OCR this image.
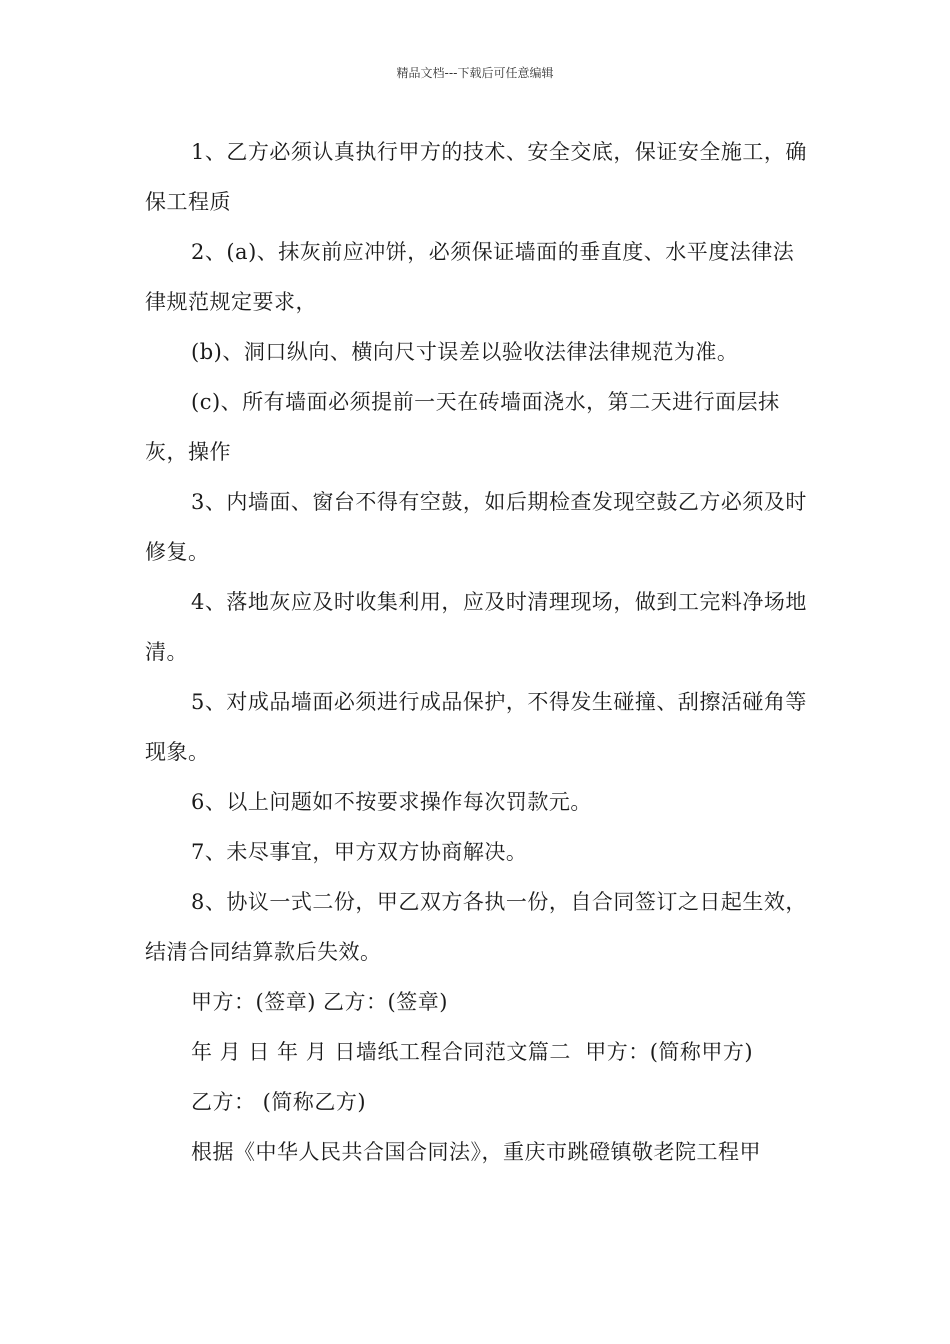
精品文档---下载后可任意编辑

1、乙方必须认真执行甲方的技术、安全交底，保证安全施工，确保工程质

2、(a)、抹灰前应冲饼，必须保证墙面的垂直度、水平度法律法律规范规定要求，

(b)、洞口纵向、横向尺寸误差以验收法律法律规范为准。

(c)、所有墙面必须提前一天在砖墙面浇水，第二天进行面层抹灰，操作

3、内墙面、窗台不得有空鼓，如后期检查发现空鼓乙方必须及时修复。

4、落地灰应及时收集利用，应及时清理现场，做到工完料净场地清。

5、对成品墙面必须进行成品保护，不得发生碰撞、刮擦活碰角等现象。

6、以上问题如不按要求操作每次罚款元。

7、未尽事宜，甲方双方协商解决。

8、协议一式二份，甲乙双方各执一份，自合同签订之日起生效，结清合同结算款后失效。

甲方：(签章) 乙方：(签章)

年 月 日 年 月 日墙纸工程合同范文篇二  甲方：(简称甲方)

乙方： (简称乙方)

根据《中华人民共合国合同法》，重庆市跳磴镇敬老院工程甲
